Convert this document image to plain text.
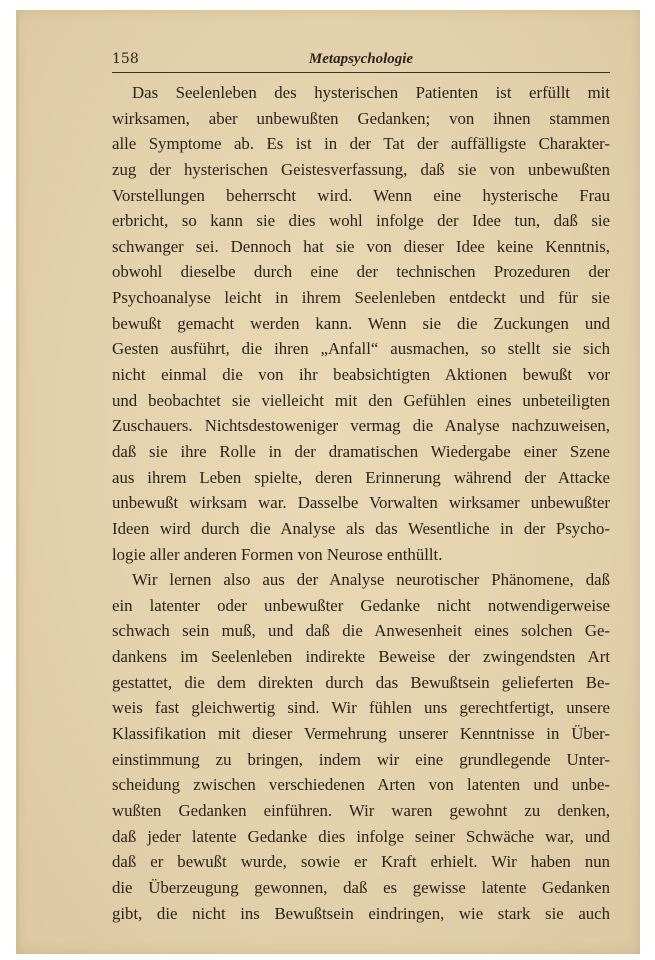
158	Metapsychologie
Das Seelenleben des hysterischen Patienten ist erfüllt mit
wirksamen, aber unbewußten Gedanken; von ihnen stammen
alle Symptome ab. Es ist in der Tat der auffälligste Charakter-
zug der hysterischen Geistesverfassung, daß sie von unbewußten
Vorstellungen beherrscht wird. Wenn eine hysterische Frau
erbricht, so kann sie dies wohl infolge der Idee tun, daß sie
schwanger sei. Dennoch hat sie von dieser Idee keine Kenntnis,
obwohl dieselbe durch eine der technischen Prozeduren der
Psychoanalyse leicht in ihrem Seelenleben entdeckt und für sie
bewußt gemacht werden kann. Wenn sie die Zuckungen und
Gesten ausführt, die ihren „Anfall“ ausmachen, so stellt sie sich
nicht einmal die von ihr beabsichtigten Aktionen bewußt vor
und beobachtet sie vielleicht mit den Gefühlen eines unbeteiligten
Zuschauers. Nichtsdestoweniger vermag die Analyse nachzuweisen,
daß sie ihre Rolle in der dramatischen Wiedergabe einer Szene
aus ihrem Leben spielte, deren Erinnerung während der Attacke
unbewußt wirksam war. Dasselbe Vorwalten wirksamer unbewußter
Ideen wird durch die Analyse als das Wesentliche in der Psycho-
logie aller anderen Formen von Neurose enthüllt.
Wir lernen also aus der Analyse neurotischer Phänomene, daß
ein latenter oder unbewußter Gedanke nicht notwendigerweise
schwach sein muß, und daß die Anwesenheit eines solchen Ge-
dankens im Seelenleben indirekte Beweise der zwingendsten Art
gestattet, die dem direkten durch das Bewußtsein gelieferten Be-
weis fast gleichwertig sind. Wir fühlen uns gerechtfertigt, unsere
Klassifikation mit dieser Vermehrung unserer Kenntnisse in Über-
einstimmung zu bringen, indem wir eine grundlegende Unter-
scheidung zwischen verschiedenen Arten von latenten und unbe-
wußten Gedanken einführen. Wir waren gewohnt zu denken,
daß jeder latente Gedanke dies infolge seiner Schwäche war, und
daß er bewußt wurde, sowie er Kraft erhielt. Wir haben nun
die Überzeugung gewonnen, daß es gewisse latente Gedanken
gibt, die nicht ins Bewußtsein eindringen, wie stark sie auch
